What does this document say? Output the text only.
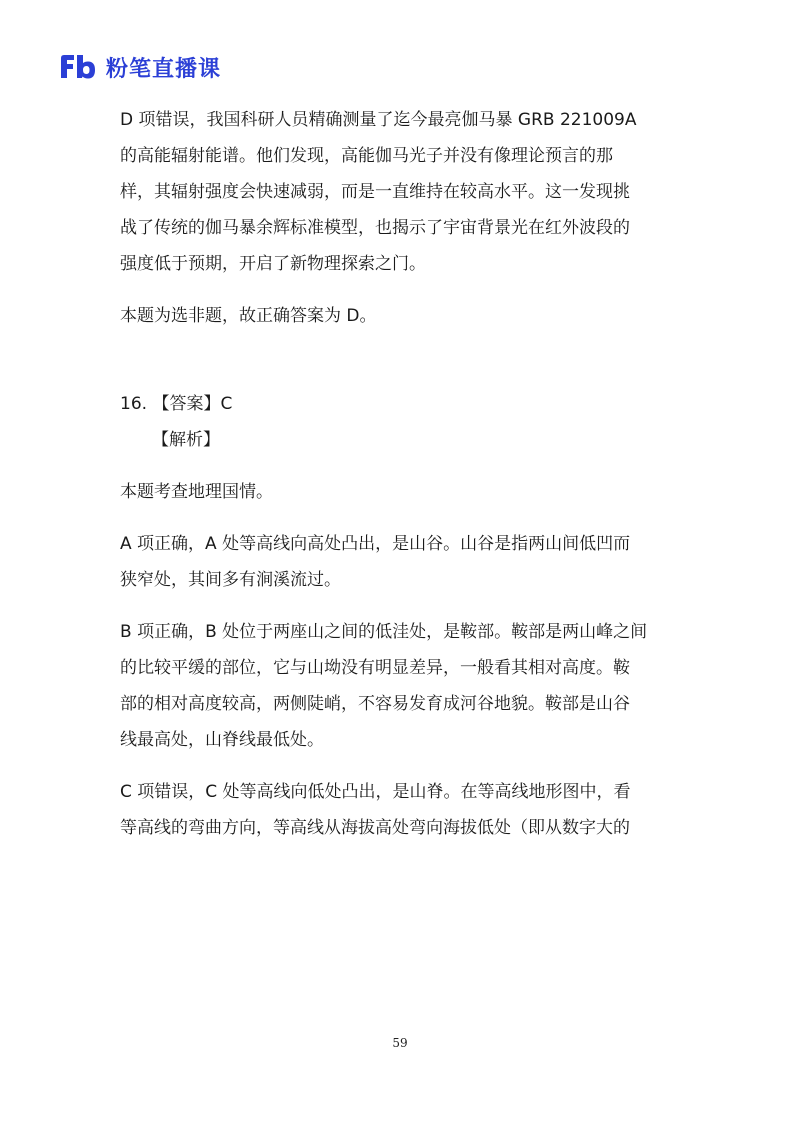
粉笔直播课

D 项错误，我国科研人员精确测量了迄今最亮伽马暴 GRB 221009A

的高能辐射能谱。他们发现，高能伽马光子并没有像理论预言的那

样，其辐射强度会快速减弱，而是一直维持在较高水平。这一发现挑

战了传统的伽马暴余辉标准模型，也揭示了宇宙背景光在红外波段的

强度低于预期，开启了新物理探索之门。

本题为选非题，故正确答案为 D。

16. 【答案】C

【解析】

本题考查地理国情。

A 项正确，A 处等高线向高处凸出，是山谷。山谷是指两山间低凹而

狭窄处，其间多有涧溪流过。

B 项正确，B 处位于两座山之间的低洼处，是鞍部。鞍部是两山峰之间

的比较平缓的部位，它与山坳没有明显差异，一般看其相对高度。鞍

部的相对高度较高，两侧陡峭，不容易发育成河谷地貌。鞍部是山谷

线最高处，山脊线最低处。

C 项错误，C 处等高线向低处凸出，是山脊。在等高线地形图中，看

等高线的弯曲方向，等高线从海拔高处弯向海拔低处（即从数字大的

59
